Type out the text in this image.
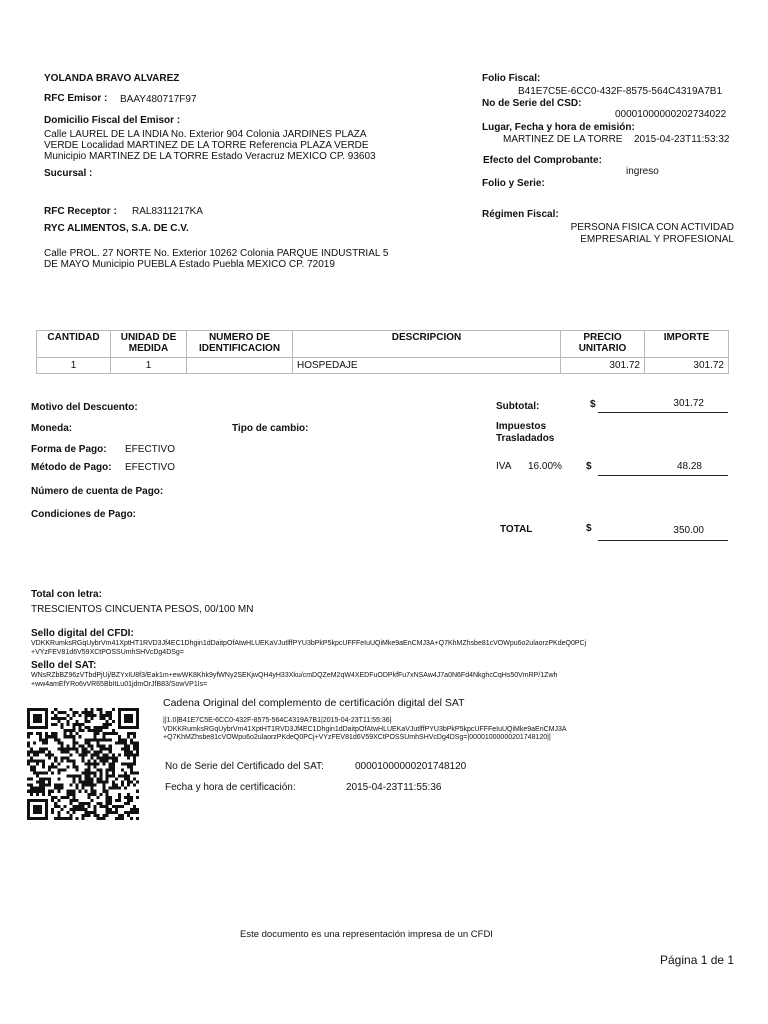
YOLANDA BRAVO ALVAREZ
RFC Emisor : BAAY480717F97
Domicilio Fiscal del Emisor :
Calle LAUREL DE LA INDIA No. Exterior 904 Colonia JARDINES PLAZA
VERDE Localidad MARTINEZ DE LA TORRE Referencia PLAZA VERDE
Municipio MARTINEZ DE LA TORRE Estado Veracruz MEXICO CP. 93603
Sucursal :
RFC Receptor : RAL8311217KA
RYC ALIMENTOS, S.A. DE C.V.
Calle PROL. 27 NORTE No. Exterior 10262 Colonia PARQUE INDUSTRIAL 5
DE MAYO Municipio PUEBLA Estado Puebla MEXICO CP. 72019
Folio Fiscal:
B41E7C5E-6CC0-432F-8575-564C4319A7B1
No de Serie del CSD:
00001000000202734022
Lugar, Fecha y hora de emisión:
MARTINEZ DE LA TORRE 2015-04-23T11:53:32
Efecto del Comprobante:
ingreso
Folio y Serie:
Régimen Fiscal:
PERSONA FISICA CON ACTIVIDAD
EMPRESARIAL Y PROFESIONAL
CANTIDAD	UNIDAD DE MEDIDA	NUMERO DE IDENTIFICACION	DESCRIPCION	PRECIO UNITARIO	IMPORTE
1	1		HOSPEDAJE	301.72	301.72
Motivo del Descuento:
Moneda:	Tipo de cambio:
Forma de Pago: EFECTIVO
Método de Pago: EFECTIVO
Número de cuenta de Pago:
Condiciones de Pago:
Subtotal:	$	301.72
Impuestos
Trasladados
IVA 16.00% $	48.28
TOTAL	$	350.00
Total con letra:
TRESCIENTOS CINCUENTA PESOS, 00/100 MN
Sello digital del CFDI:
VDKKRumksRGqUybrVm41XptHT1RVD3Jf4EC1Dhgin1dDaitpOfAtwHLUEKaVJutlffPYU3bPkP5kpcUFFFeIuUQiMke9aEnCMJ3A+Q7KhMZhsbe81cVOWpu6o2ulaorzPKdeQ0PCj
+VYzFEV81d6V59XCtPOSSUmhSHVcDg4DSg=
Sello del SAT:
WNsRZbBZ96zVTbdPjUj/BZYxIU8f3/Eak1m+ewWK8Khk9yfWNy2SEKjwQH4yH33Xku/cmDQZeM2qW4XEDFuODPkfFu7xNSAw4J7a0N6Fd4NkghcCqHs50VmRP/1Zwh
+ww4amEfYRo6vVR65BbItLu01jdmOrJfB83/SowVP1Is=
Cadena Original del complemento de certificación digital del SAT
||1.0|B41E7C5E-6CC0-432F-8575-564C4319A7B1|2015-04-23T11:55:36|
VDKKRumksRGqUybrVm41XptHT1RVD3Jf4EC1Dhgin1dDaitpOfAtwHLUEKaVJutlffPYU3bPkP5kpcUFFFeIuUQiMke9aEnCMJ3A
+Q7KhMZhsbe81cVOWpu6o2ulaorzPKdeQ0PCj+VYzFEV81d6V59XCtPOSSUmhSHVcDg4DSg=|00001000000201748120||
No de Serie del Certificado del SAT:	00001000000201748120
Fecha y hora de certificación:	2015-04-23T11:55:36
Este documento es una representación impresa de un CFDI
Página 1 de 1
